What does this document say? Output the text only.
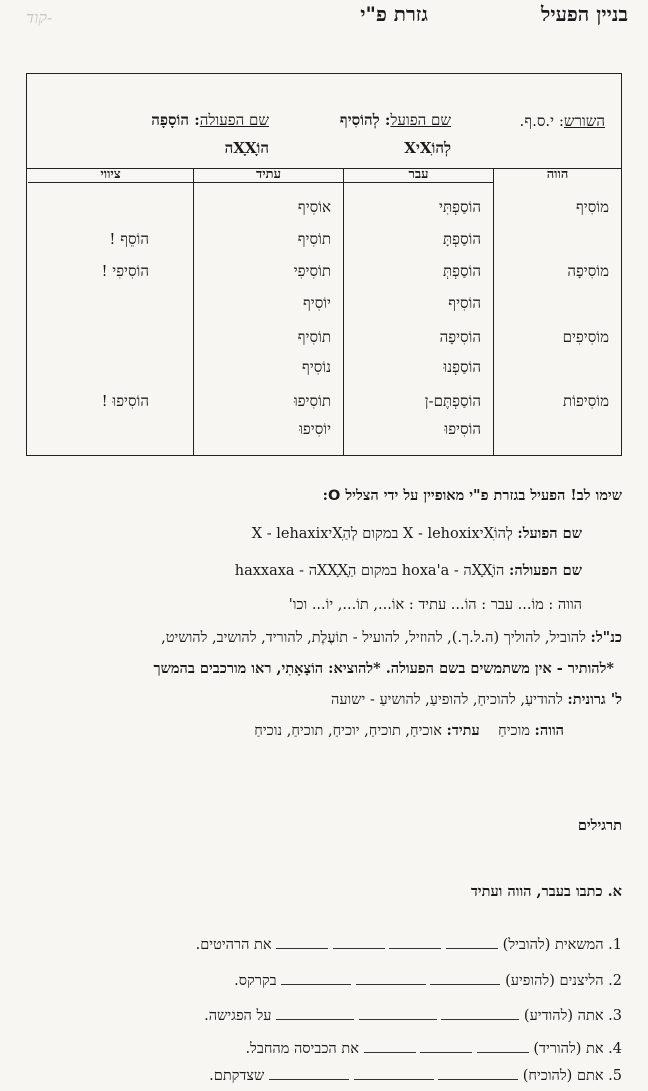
בניין הפעיל
גזרת פ"י
קוד-
השורש: י.ס.ף.
שם הפועל: לְהוֹסִיף
לְהוֹXִיX
שם הפעולה: הוֹסָפָה
הוֹXָXָה
הווה
מוֹסִיף
מוֹסִיפָה
מוֹסִיפִים
מוֹסִיפוֹת
עבר
הוֹסַפְתִּי
הוֹסַפְתָּ
הוֹסַפְתְּ
הוֹסִיף
הוֹסִיפָה
הוֹסַפְנוּ
הוֹסַפְתֶּם-ן
הוֹסִיפוּ
עתיד
אוֹסִיף
תוֹסִיף
תוֹסִיפִי
יוֹסִיף
תוֹסִיף
נוֹסִיף
תוֹסִיפוּ
יוֹסִיפוּ
ציווי
הוֹסֵף !
הוֹסִיפִי !
הוֹסִיפוּ !
שימו לב! הפעיל בגזרת פ"י מאופיין על ידי הצליל O:
שם הפועל: לְהוֹXִיX - lehoxix במקום לְהַXִיX - lehaxix
שם הפעולה: הוֹXָXָה - hoxa'a במקום הַXXָXָה - haxxaxa
הווה : מוֹ... עבר : הוֹ... עתיד : אוֹ..., תוֹ..., יוֹ... וכו'
כנ"ל: להוביל, להוליך (ה.ל.ך.), להוזיל, להועיל - תוֹעֶלֶת, להוריד, להושיב, להושיט,
*להותיר - אין משתמשים בשם הפעולה. *להוציא: הוֹצָאָתִי, ראו מורכבים בהמשך
ל' גרונית: להודיעַ, להוכיחַ, להופיעַ, להושיעַ - ישועה
הווה: מוכיחַ    עתיד: אוכיחַ, תוכיחַ, יוכיחַ, תוכיחַ, נוכיחַ
תרגילים
א. כתבו בעבר, הווה ועתיד
1. המשאית (להוביל)     את הרהיטים.
2. הליצנים (להופיע)    בקרקס.
3. אתה (להודיע)    על הפגישה.
4. את (להוריד)    את הכביסה מהחבל.
5. אתם (להוכיח)    שצדקתם.
